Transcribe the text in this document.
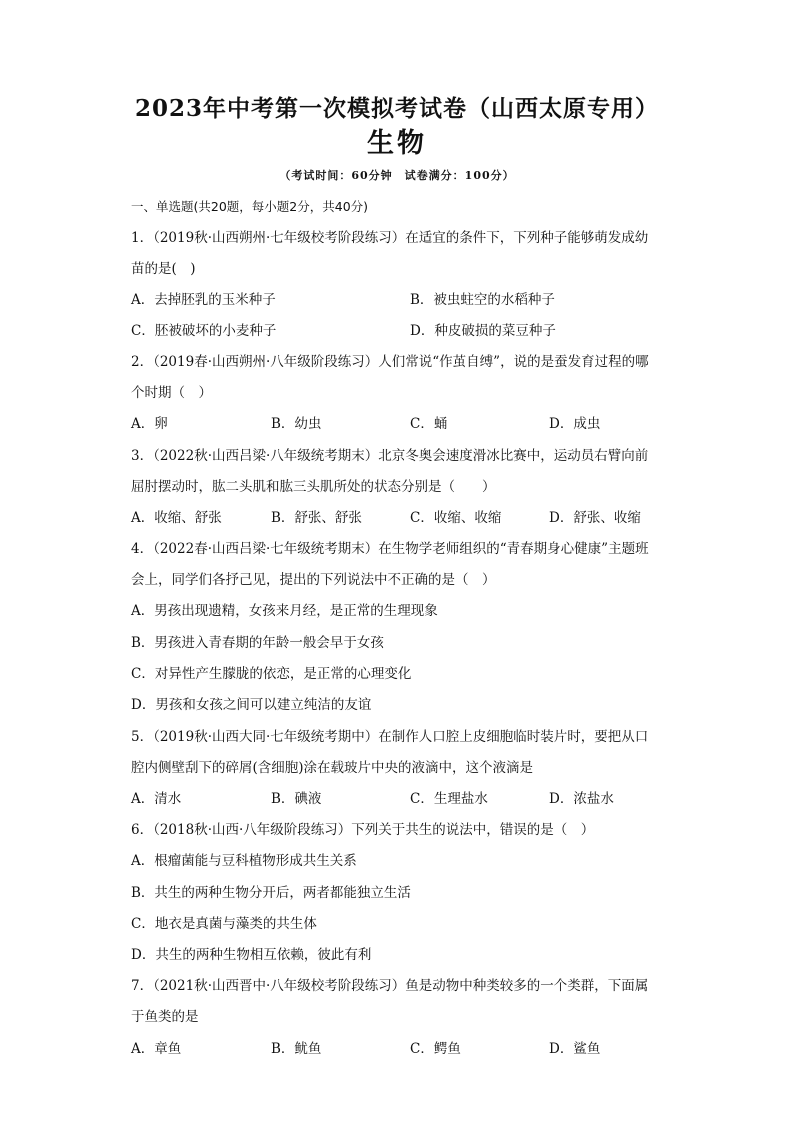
2023年中考第一次模拟考试卷（山西太原专用）
生物
（考试时间：60分钟　试卷满分：100分）
一、单选题(共20题，每小题2分，共40分)
1．（2019秋·山西朔州·七年级校考阶段练习）在适宜的条件下，下列种子能够萌发成幼
苗的是(　)
A．去掉胚乳的玉米种子	B．被虫蛀空的水稻种子
C．胚被破坏的小麦种子	D．种皮破损的菜豆种子
2．（2019春·山西朔州·八年级阶段练习）人们常说“作茧自缚”，说的是蚕发育过程的哪
个时期（　）
A．卵	B．幼虫	C．蛹	D．成虫
3．（2022秋·山西吕梁·八年级统考期末）北京冬奥会速度滑冰比赛中，运动员右臂向前
屈肘摆动时，肱二头肌和肱三头肌所处的状态分别是（　　）
A．收缩、舒张	B．舒张、舒张	C．收缩、收缩	D．舒张、收缩
4．（2022春·山西吕梁·七年级统考期末）在生物学老师组织的“青春期身心健康”主题班
会上，同学们各抒己见，提出的下列说法中不正确的是（　）
A．男孩出现遗精，女孩来月经，是正常的生理现象
B．男孩进入青春期的年龄一般会早于女孩
C．对异性产生朦胧的依恋，是正常的心理变化
D．男孩和女孩之间可以建立纯洁的友谊
5．（2019秋·山西大同·七年级统考期中）在制作人口腔上皮细胞临时装片时，要把从口
腔内侧壁刮下的碎屑(含细胞)涂在载玻片中央的液滴中，这个液滴是
A．清水	B．碘液	C．生理盐水	D．浓盐水
6．（2018秋·山西·八年级阶段练习）下列关于共生的说法中，错误的是（　）
A．根瘤菌能与豆科植物形成共生关系
B．共生的两种生物分开后，两者都能独立生活
C．地衣是真菌与藻类的共生体
D．共生的两种生物相互依赖，彼此有利
7．（2021秋·山西晋中·八年级校考阶段练习）鱼是动物中种类较多的一个类群，下面属
于鱼类的是
A．章鱼	B．鱿鱼	C．鳄鱼	D．鲨鱼
